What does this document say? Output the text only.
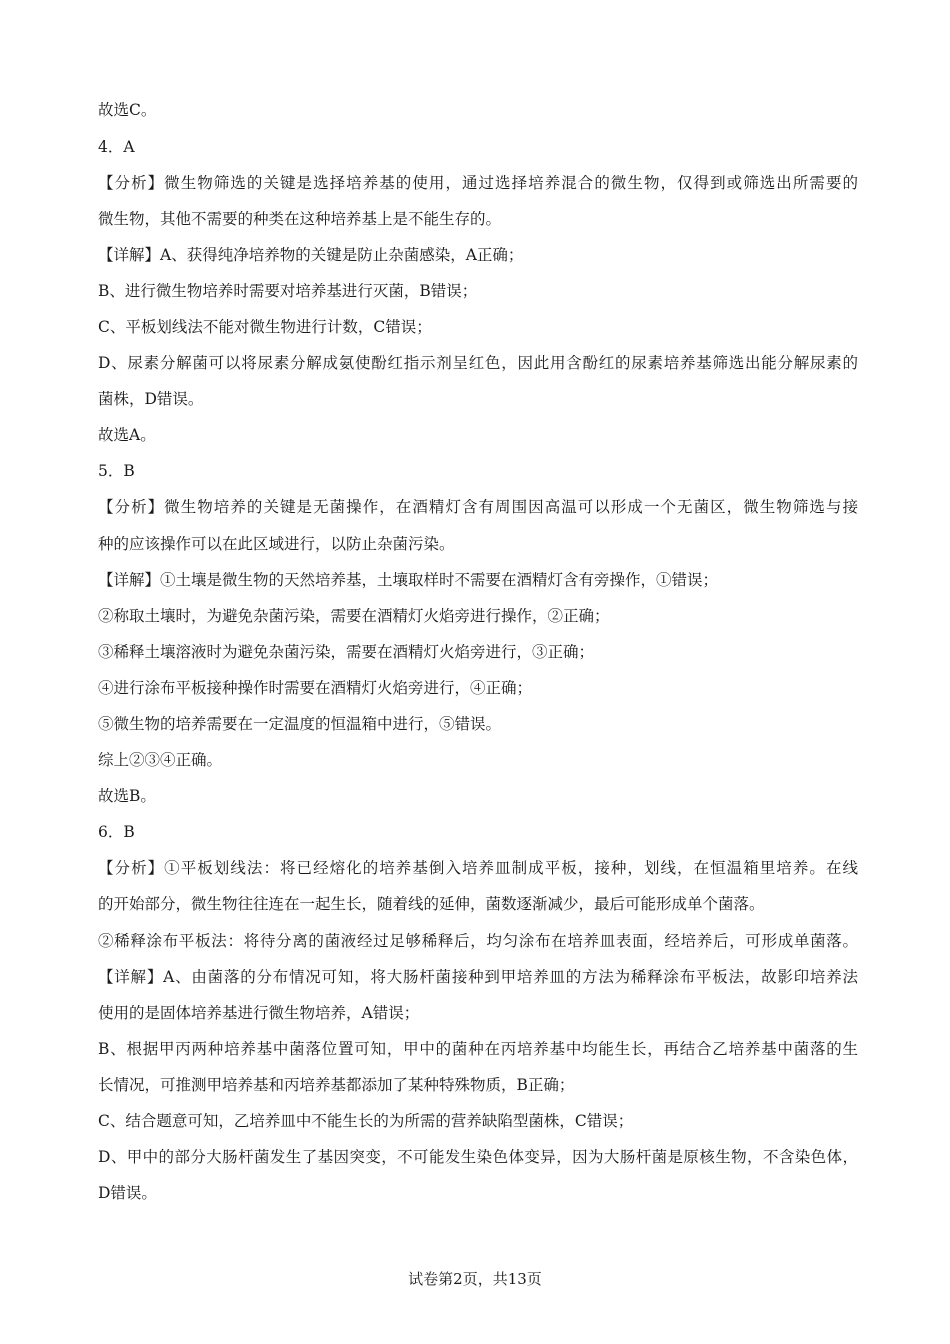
故选C。
4．A
【分析】微生物筛选的关键是选择培养基的使用，通过选择培养混合的微生物，仅得到或筛选出所需要的
微生物，其他不需要的种类在这种培养基上是不能生存的。
【详解】A、获得纯净培养物的关键是防止杂菌感染，A正确；
B、进行微生物培养时需要对培养基进行灭菌，B错误；
C、平板划线法不能对微生物进行计数，C错误；
D、尿素分解菌可以将尿素分解成氨使酚红指示剂呈红色，因此用含酚红的尿素培养基筛选出能分解尿素的
菌株，D错误。
故选A。
5．B
【分析】微生物培养的关键是无菌操作，在酒精灯含有周围因高温可以形成一个无菌区，微生物筛选与接
种的应该操作可以在此区域进行，以防止杂菌污染。
【详解】①土壤是微生物的天然培养基，土壤取样时不需要在酒精灯含有旁操作，①错误；
②称取土壤时，为避免杂菌污染，需要在酒精灯火焰旁进行操作，②正确；
③稀释土壤溶液时为避免杂菌污染，需要在酒精灯火焰旁进行，③正确；
④进行涂布平板接种操作时需要在酒精灯火焰旁进行，④正确；
⑤微生物的培养需要在一定温度的恒温箱中进行，⑤错误。
综上②③④正确。
故选B。
6．B
【分析】①平板划线法：将已经熔化的培养基倒入培养皿制成平板，接种，划线，在恒温箱里培养。在线
的开始部分，微生物往往连在一起生长，随着线的延伸，菌数逐渐减少，最后可能形成单个菌落。
②稀释涂布平板法：将待分离的菌液经过足够稀释后，均匀涂布在培养皿表面，经培养后，可形成单菌落。
【详解】A、由菌落的分布情况可知，将大肠杆菌接种到甲培养皿的方法为稀释涂布平板法，故影印培养法
使用的是固体培养基进行微生物培养，A错误；
B、根据甲丙两种培养基中菌落位置可知，甲中的菌种在丙培养基中均能生长，再结合乙培养基中菌落的生
长情况，可推测甲培养基和丙培养基都添加了某种特殊物质，B正确；
C、结合题意可知，乙培养皿中不能生长的为所需的营养缺陷型菌株，C错误；
D、甲中的部分大肠杆菌发生了基因突变，不可能发生染色体变异，因为大肠杆菌是原核生物，不含染色体，
D错误。
试卷第2页，共13页
